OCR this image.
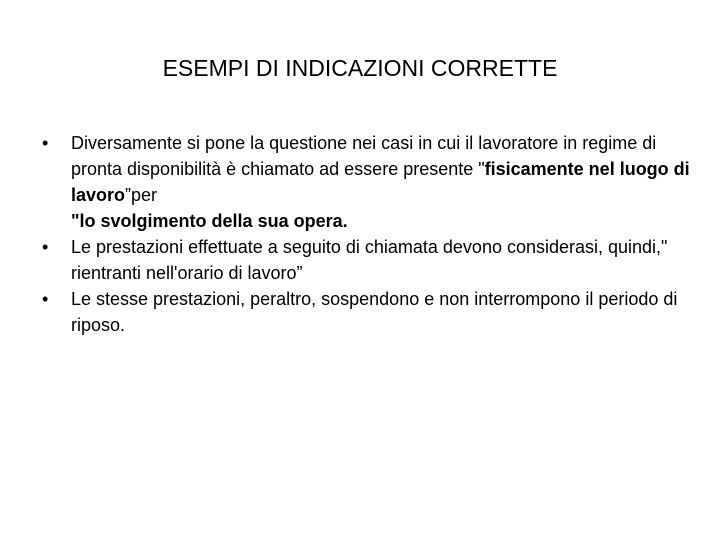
ESEMPI DI INDICAZIONI CORRETTE
• Diversamente si pone la questione nei casi in cui il lavoratore in regime di pronta disponibilità è chiamato ad essere presente "fisicamente nel luogo di lavoro”per
"lo svolgimento della sua opera.
• Le prestazioni effettuate a seguito di chiamata devono considerasi, quindi," rientranti nell'orario di lavoro”
• Le stesse prestazioni, peraltro, sospendono e non interrompono il periodo di riposo.
